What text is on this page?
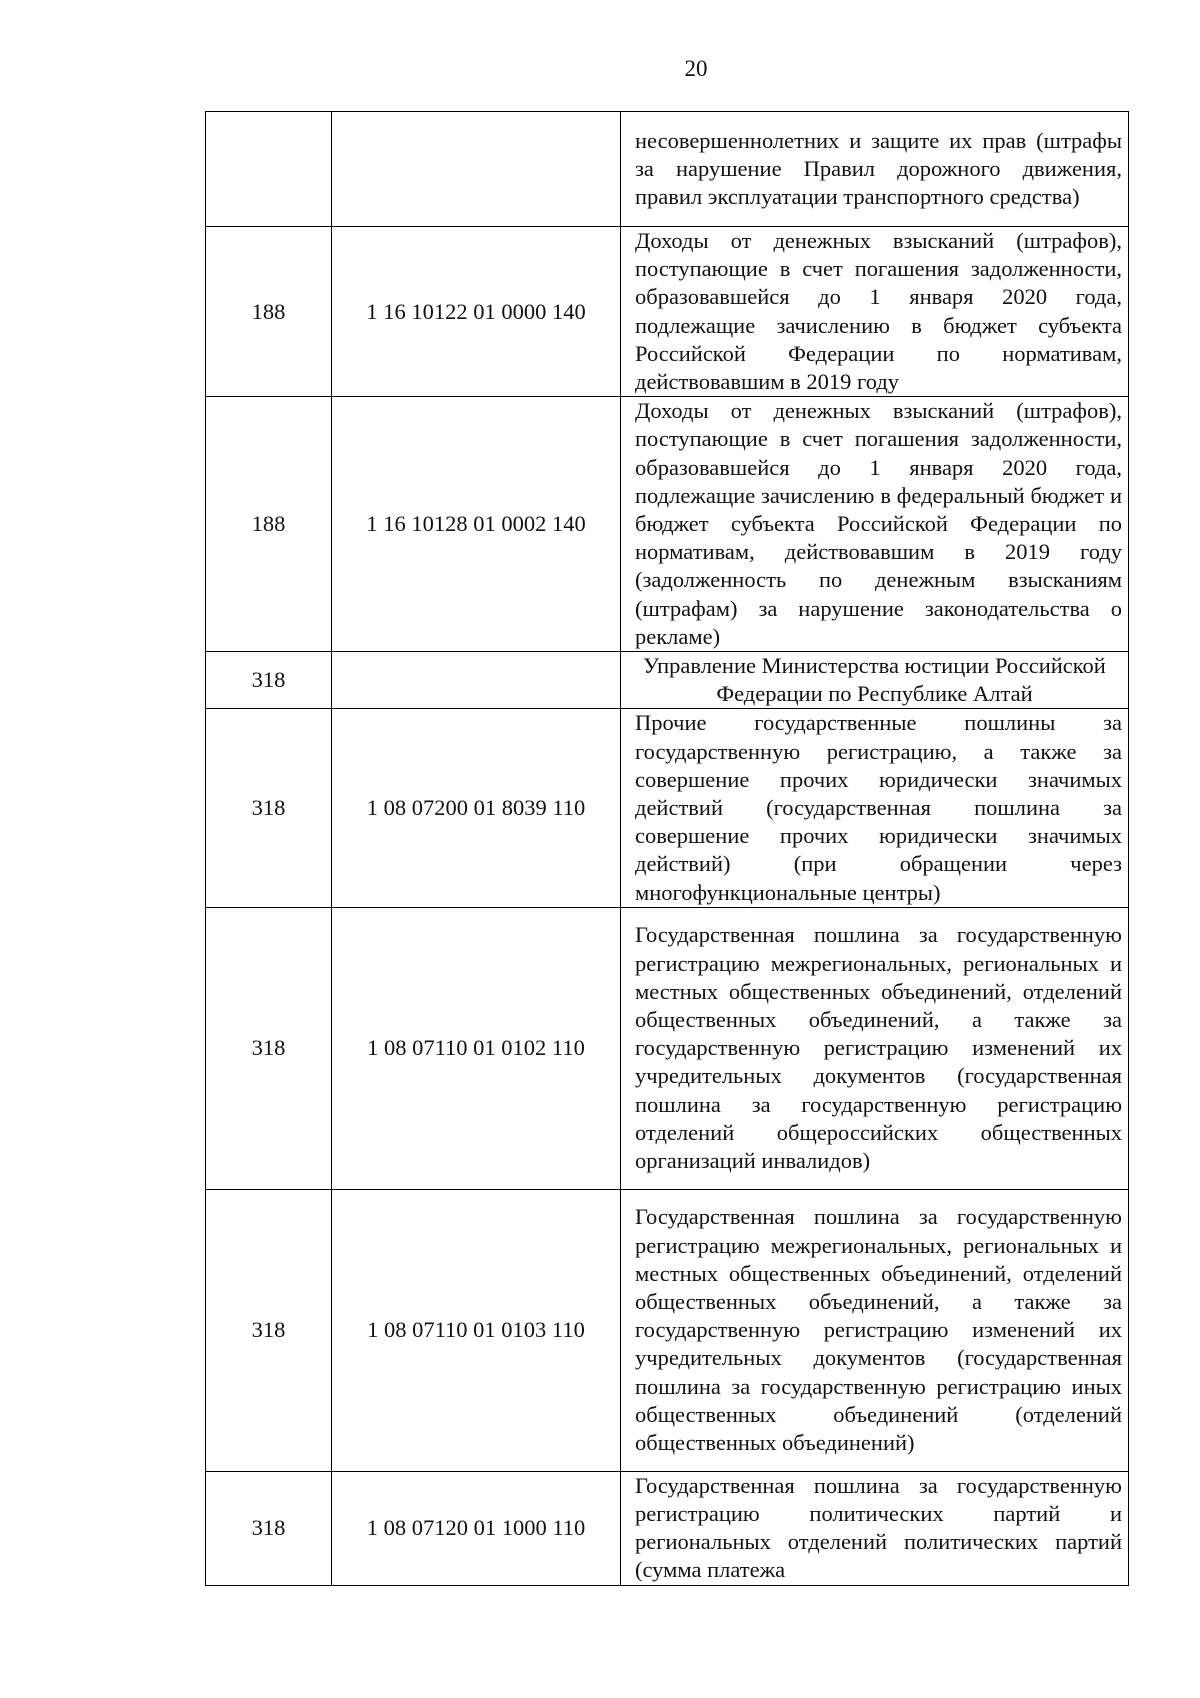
20

		несовершеннолетних и защите их прав (штрафы за нарушение Правил дорожного движения, правил эксплуатации транспортного средства)

188	1 16 10122 01 0000 140	Доходы от денежных взысканий (штрафов), поступающие в счет погашения задолженности, образовавшейся до 1 января 2020 года, подлежащие зачислению в бюджет субъекта Российской Федерации по нормативам, действовавшим в 2019 году

188	1 16 10128 01 0002 140	Доходы от денежных взысканий (штрафов), поступающие в счет погашения задолженности, образовавшейся до 1 января 2020 года, подлежащие зачислению в федеральный бюджет и бюджет субъекта Российской Федерации по нормативам, действовавшим в 2019 году (задолженность по денежным взысканиям (штрафам) за нарушение законодательства о рекламе)

318		Управление Министерства юстиции Российской Федерации по Республике Алтай

318	1 08 07200 01 8039 110	Прочие государственные пошлины за государственную регистрацию, а также за совершение прочих юридически значимых действий (государственная пошлина за совершение прочих юридически значимых действий) (при обращении через многофункциональные центры)

318	1 08 07110 01 0102 110	Государственная пошлина за государственную регистрацию межрегиональных, региональных и местных общественных объединений, отделений общественных объединений, а также за государственную регистрацию изменений их учредительных документов (государственная пошлина за государственную регистрацию отделений общероссийских общественных организаций инвалидов)

318	1 08 07110 01 0103 110	Государственная пошлина за государственную регистрацию межрегиональных, региональных и местных общественных объединений, отделений общественных объединений, а также за государственную регистрацию изменений их учредительных документов (государственная пошлина за государственную регистрацию иных общественных объединений (отделений общественных объединений)

318	1 08 07120 01 1000 110	Государственная пошлина за государственную регистрацию политических партий и региональных отделений политических партий (сумма платежа
